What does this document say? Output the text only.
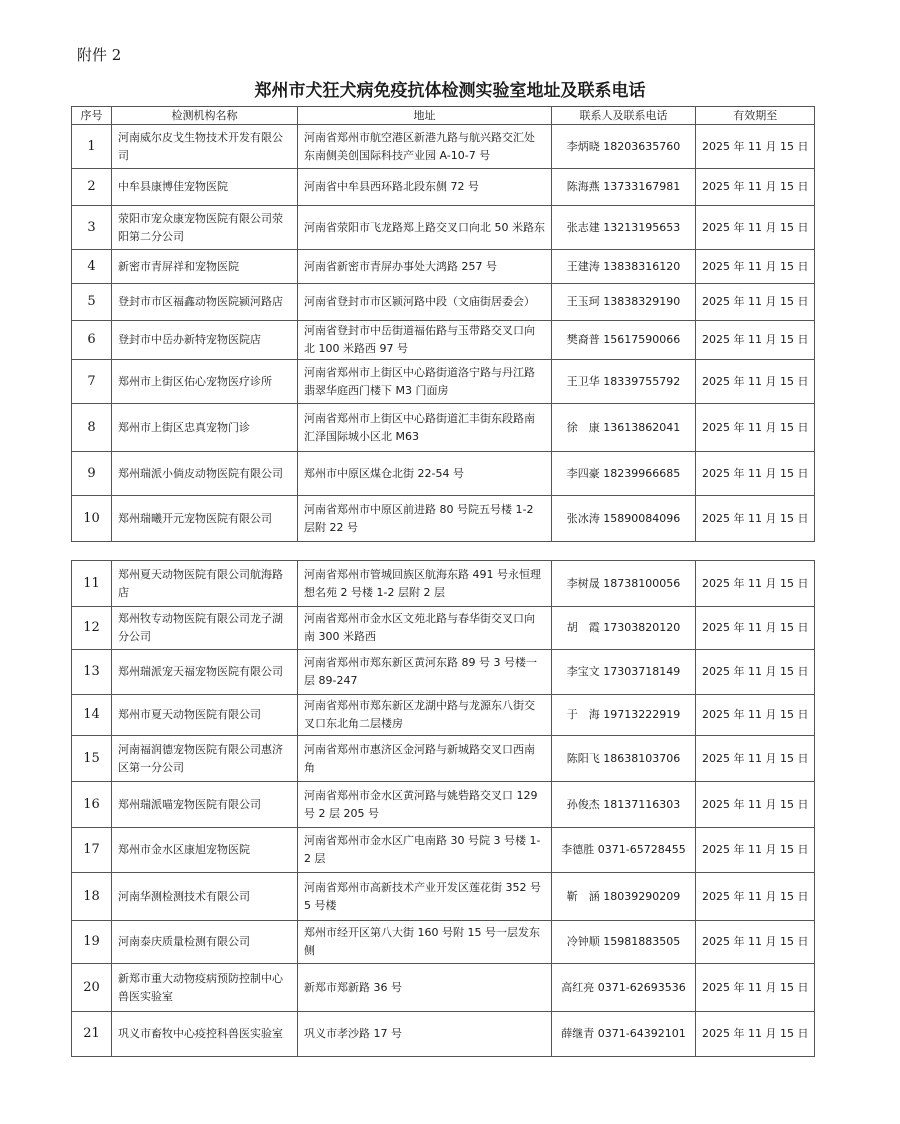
附件 2
郑州市犬狂犬病免疫抗体检测实验室地址及联系电话
序号	检测机构名称	地址	联系人及联系电话	有效期至
1	河南威尔皮戈生物技术开发有限公司	河南省郑州市航空港区新港九路与航兴路交汇处东南侧美创国际科技产业园 A-10-7 号	李炳晓 18203635760	2025 年 11 月 15 日
2	中牟县康博佳宠物医院	河南省中牟县西环路北段东侧 72 号	陈海燕 13733167981	2025 年 11 月 15 日
3	荥阳市宠众康宠物医院有限公司荥阳第二分公司	河南省荥阳市飞龙路郑上路交叉口向北 50 米路东	张志建 13213195653	2025 年 11 月 15 日
4	新密市青屏祥和宠物医院	河南省新密市青屏办事处大鸿路 257 号	王建涛 13838316120	2025 年 11 月 15 日
5	登封市市区福鑫动物医院颍河路店	河南省登封市市区颍河路中段（文庙街居委会）	王玉珂 13838329190	2025 年 11 月 15 日
6	登封市中岳办新特宠物医院店	河南省登封市中岳街道福佑路与玉带路交叉口向北 100 米路西 97 号	樊裔普 15617590066	2025 年 11 月 15 日
7	郑州市上街区佑心宠物医疗诊所	河南省郑州市上街区中心路街道洛宁路与丹江路翡翠华庭西门楼下 M3 门面房	王卫华 18339755792	2025 年 11 月 15 日
8	郑州市上街区忠真宠物门诊	河南省郑州市上街区中心路街道汇丰街东段路南汇泽国际城小区北 M63	徐　康 13613862041	2025 年 11 月 15 日
9	郑州瑞派小倘皮动物医院有限公司	郑州市中原区煤仓北街 22-54 号	李四豪 18239966685	2025 年 11 月 15 日
10	郑州瑞曦开元宠物医院有限公司	河南省郑州市中原区前进路 80 号院五号楼 1-2 层附 22 号	张冰涛 15890084096	2025 年 11 月 15 日
11	郑州夏天动物医院有限公司航海路店	河南省郑州市管城回族区航海东路 491 号永恒理想名苑 2 号楼 1-2 层附 2 层	李树晟 18738100056	2025 年 11 月 15 日
12	郑州牧专动物医院有限公司龙子湖分公司	河南省郑州市金水区文苑北路与春华街交叉口向南 300 米路西	胡　霞 17303820120	2025 年 11 月 15 日
13	郑州瑞派宠天福宠物医院有限公司	河南省郑州市郑东新区黄河东路 89 号 3 号楼一层 89-247	李宝文 17303718149	2025 年 11 月 15 日
14	郑州市夏天动物医院有限公司	河南省郑州市郑东新区龙湖中路与龙源东八街交叉口东北角二层楼房	于　海 19713222919	2025 年 11 月 15 日
15	河南福润德宠物医院有限公司惠济区第一分公司	河南省郑州市惠济区金河路与新城路交叉口西南角	陈阳飞 18638103706	2025 年 11 月 15 日
16	郑州瑞派喵宠物医院有限公司	河南省郑州市金水区黄河路与姚砦路交叉口 129 号 2 层 205 号	孙俊杰 18137116303	2025 年 11 月 15 日
17	郑州市金水区康旭宠物医院	河南省郑州市金水区广电南路 30 号院 3 号楼 1-2 层	李德胜 0371-65728455	2025 年 11 月 15 日
18	河南华测检测技术有限公司	河南省郑州市高新技术产业开发区莲花街 352 号 5 号楼	靳　涵 18039290209	2025 年 11 月 15 日
19	河南泰庆质量检测有限公司	郑州市经开区第八大街 160 号附 15 号一层发东侧	冷钟顺 15981883505	2025 年 11 月 15 日
20	新郑市重大动物疫病预防控制中心兽医实验室	新郑市郑新路 36 号	高红亮 0371-62693536	2025 年 11 月 15 日
21	巩义市畜牧中心疫控科兽医实验室	巩义市孝沙路 17 号	薛继青 0371-64392101	2025 年 11 月 15 日
